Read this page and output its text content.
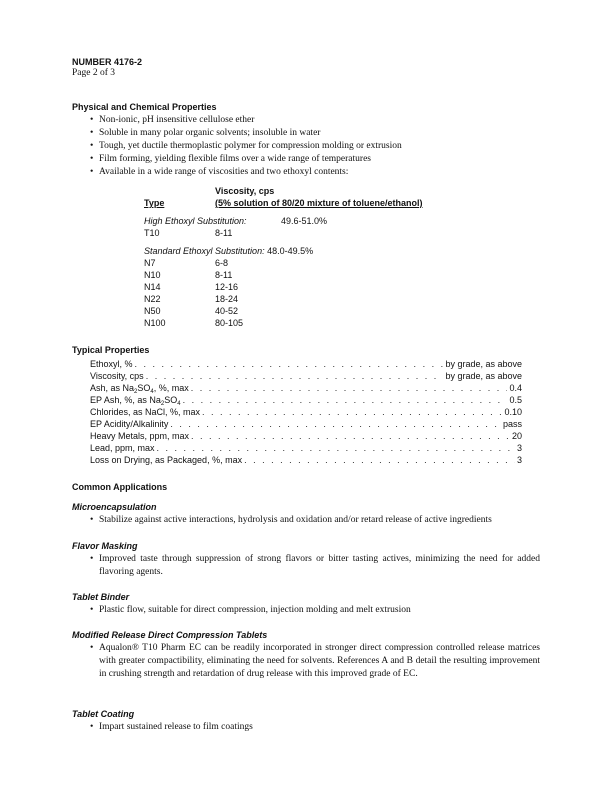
NUMBER 4176-2
Page 2 of 3
Physical and Chemical Properties
• Non-ionic, pH insensitive cellulose ether
• Soluble in many polar organic solvents; insoluble in water
• Tough, yet ductile thermoplastic polymer for compression molding or extrusion
• Film forming, yielding flexible films over a wide range of temperatures
• Available in a wide range of viscosities and two ethoxyl contents:
Viscosity, cps
Type	(5% solution of 80/20 mixture of toluene/ethanol)
High Ethoxyl Substitution:	49.6-51.0%
T10	8-11
Standard Ethoxyl Substitution: 48.0-49.5%
N7	6-8
N10	8-11
N14	12-16
N22	18-24
N50	40-52
N100	80-105
Typical Properties
Ethoxyl, % . . .	by grade, as above
Viscosity, cps . . .	by grade, as above
Ash, as $Na_2SO_4$, %, max . . .	0.4
EP Ash, %, as $Na_2SO_4$ . . .	0.5
Chlorides, as NaCl, %, max . . .	0.10
EP Acidity/Alkalinity . . .	pass
Heavy Metals, ppm, max . . .	20
Lead, ppm, max . . .	3
Loss on Drying, as Packaged, %, max . . .	3
Common Applications
Microencapsulation
• Stabilize against active interactions, hydrolysis and oxidation and/or retard release of active ingredients
Flavor Masking
• Improved taste through suppression of strong flavors or bitter tasting actives, minimizing the need for added flavoring agents.
Tablet Binder
• Plastic flow, suitable for direct compression, injection molding and melt extrusion
Modified Release Direct Compression Tablets
• Aqualon® T10 Pharm EC can be readily incorporated in stronger direct compression controlled release matrices with greater compactibility, eliminating the need for solvents. References A and B detail the resulting improvement in crushing strength and retardation of drug release with this improved grade of EC.
Tablet Coating
• Impart sustained release to film coatings
